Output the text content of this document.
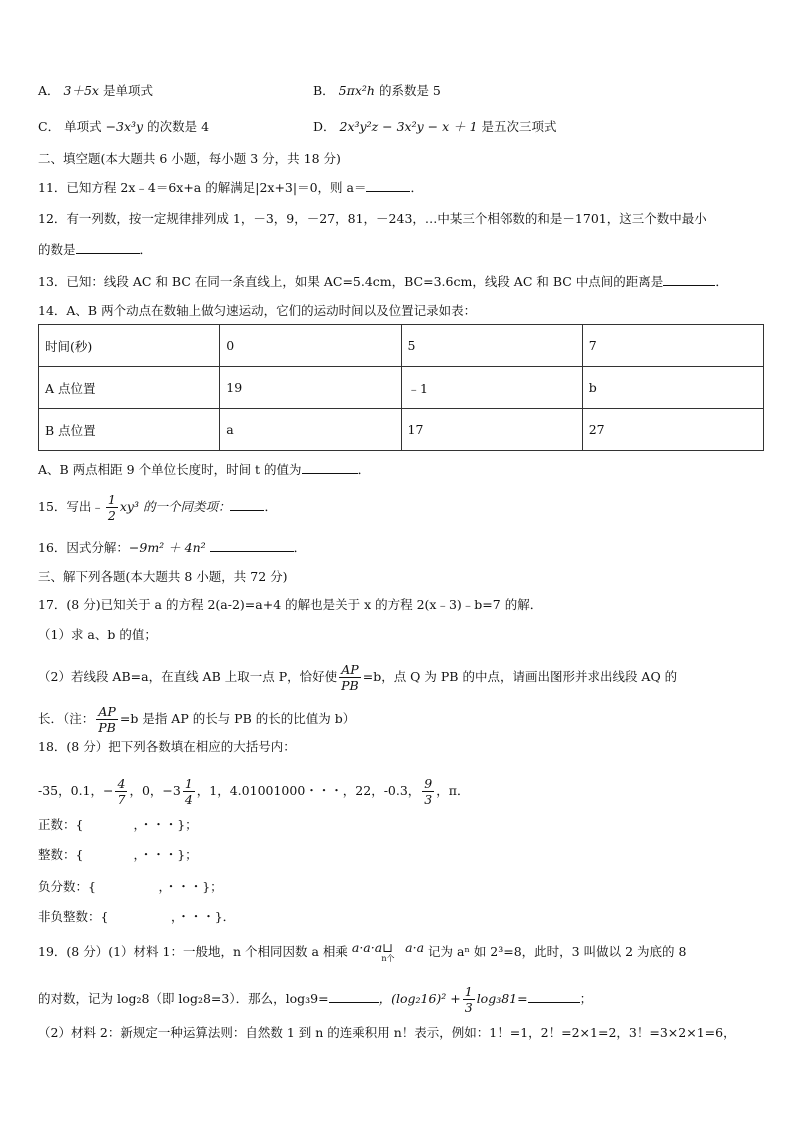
A． 3＋5x 是单项式	B． 5πx²h 的系数是 5
C． 单项式 −3x³y 的次数是 4	D． 2x³y²z − 3x²y − x ＋ 1 是五次三项式
二、填空题(本大题共 6 小题，每小题 3 分，共 18 分)
11．已知方程 2x﹣4＝6x+a 的解满足|2x+3|＝0，则 a＝	．
12．有一列数，按一定规律排列成 1，－3，9，－27，81，－243，…中某三个相邻数的和是－1701，这三个数中最小
的数是	．
13．已知：线段 AC 和 BC 在同一条直线上，如果 AC=5.4cm，BC=3.6cm，线段 AC 和 BC 中点间的距离是	．
14．A、B 两个动点在数轴上做匀速运动，它们的运动时间以及位置记录如表：
时间(秒)	0	5	7
A 点位置	19	﹣1	b
B 点位置	a	17	27
A、B 两点相距 9 个单位长度时，时间 t 的值为	．
15．写出﹣ $\frac{1}{2} xy^3$ 的一个同类项：	．
16．因式分解：−9m² ＋ 4n²	．
三、解下列各题(本大题共 8 小题，共 72 分)
17．(8 分)已知关于 a 的方程 2(a-2)=a+4 的解也是关于 x 的方程 2(x﹣3)﹣b=7 的解．
（1）求 a、b 的值；
（2）若线段 AB=a，在直线 AB 上取一点 P，恰好使 $\frac{AP}{PB} =b$，点 Q 为 PB 的中点，请画出图形并求出线段 AQ 的
长．（注： $\frac{AP}{PB} =b$ 是指 AP 的长与 PB 的长的比值为 b）
18．(8 分）把下列各数填在相应的大括号内：
-35，0.1，− $\frac{4}{7}$ ，0，$-3 \frac{1}{4}$ ，1，4.01001000・・・，22，-0.3， $\frac{9}{3}$ ，π．
正数：{　　　　，・・・}；
整数：{　　　　，・・・}；
负分数：{　　　　　，・・・}；
非负整数：{　　　　　，・・・}．
19．(8 分）(1）材料 1：一般地，n 个相同因数 a 相乘 a·a·a⊔　a·a
n个	记为 aⁿ 如 2³=8，此时，3 叫做以 2 为底的 8
的对数，记为 log₂8（即 log₂8=3）．那么，log₃9=	，$(\log_216)^2 + \frac{1}{3} \log_381=$	；
（2）材料 2：新规定一种运算法则：自然数 1 到 n 的连乘积用 n！表示，例如：1！=1，2！=2×1=2，3！=3×2×1=6，
